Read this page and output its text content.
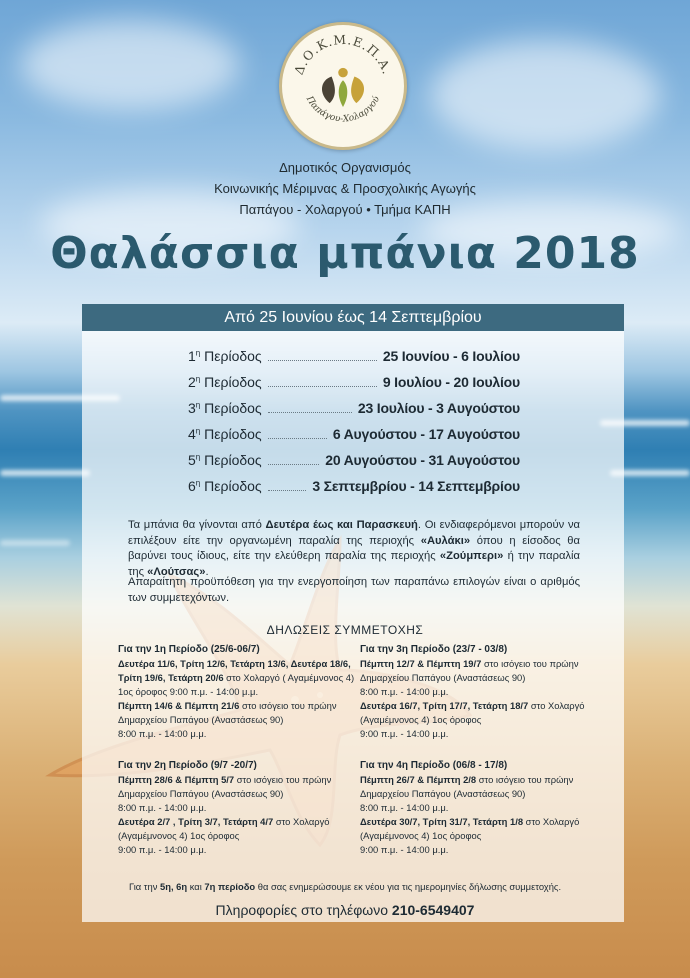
Δ.Ο.Κ.Μ.Ε.Π.Α.
Παπάγου-Χολαργού
Δημοτικός Οργανισμός
Κοινωνικής Μέριμνας & Προσχολικής Αγωγής
Παπάγου - Χολαργού • Τμήμα ΚΑΠΗ
Θαλάσσια μπάνια 2018
Από 25 Ιουνίου έως 14 Σεπτεμβρίου
$1^\eta$ Περίοδος	25 Ιουνίου - 6 Ιουλίου
$2^\eta$ Περίοδος	9 Ιουλίου - 20 Ιουλίου
$3^\eta$ Περίοδος	23 Ιουλίου - 3 Αυγούστου
$4^\eta$ Περίοδος	6 Αυγούστου - 17 Αυγούστου
$5^\eta$ Περίοδος	20 Αυγούστου - 31 Αυγούστου
$6^\eta$ Περίοδος	3 Σεπτεμβρίου - 14 Σεπτεμβρίου
Τα μπάνια θα γίνονται από Δευτέρα έως και Παρασκευή. Οι ενδιαφερόμενοι μπορούν να επιλέξουν είτε την οργανωμένη παραλία της περιοχής «Αυλάκι» όπου η είσοδος θα βαρύνει τους ίδιους, είτε την ελεύθερη παραλία της περιοχής «Ζούμπερι» ή την παραλία της «Λούτσας».
Απαραίτητη προϋπόθεση για την ενεργοποίηση των παραπάνω επιλογών είναι ο αριθμός των συμμετεχόντων.
ΔΗΛΩΣΕΙΣ ΣΥΜΜΕΤΟΧΗΣ
Για την 1η Περίοδο (25/6-06/7)
Δευτέρα 11/6, Τρίτη 12/6, Τετάρτη 13/6, Δευτέρα 18/6,
Τρίτη 19/6, Τετάρτη 20/6 στο Χολαργό ( Αγαμέμνονος 4)
1ος όροφος 9:00 π.μ. - 14:00 μ.μ.
Πέμπτη 14/6 & Πέμπτη 21/6 στο ισόγειο του πρώην
Δημαρχείου Παπάγου (Αναστάσεως 90)
8:00 π.μ. - 14:00 μ.μ.
Για την 3η Περίοδο (23/7 - 03/8)
Πέμπτη 12/7 & Πέμπτη 19/7 στο ισόγειο του πρώην
Δημαρχείου Παπάγου (Αναστάσεως 90)
8:00 π.μ. - 14:00 μ.μ.
Δευτέρα 16/7, Τρίτη 17/7, Τετάρτη 18/7 στο Χολαργό
(Αγαμέμνονος 4) 1ος όροφος
9:00 π.μ. - 14:00 μ.μ.
Για την 2η Περίοδο (9/7 -20/7)
Πέμπτη 28/6 & Πέμπτη 5/7 στο ισόγειο του πρώην
Δημαρχείου Παπάγου (Αναστάσεως 90)
8:00 π.μ. - 14:00 μ.μ.
Δευτέρα 2/7 , Τρίτη 3/7, Τετάρτη 4/7 στο Χολαργό
(Αγαμέμνονος 4) 1ος όροφος
9:00 π.μ. - 14:00 μ.μ.
Για την 4η Περίοδο (06/8 - 17/8)
Πέμπτη 26/7 & Πέμπτη 2/8 στο ισόγειο του πρώην
Δημαρχείου Παπάγου (Αναστάσεως 90)
8:00 π.μ. - 14:00 μ.μ.
Δευτέρα 30/7, Τρίτη 31/7, Τετάρτη 1/8 στο Χολαργό
(Αγαμέμνονος 4) 1ος όροφος
9:00 π.μ. - 14:00 μ.μ.
Για την 5η, 6η και 7η περίοδο θα σας ενημερώσουμε εκ νέου για τις ημερομηνίες δήλωσης συμμετοχής.
Πληροφορίες στο τηλέφωνο 210-6549407
